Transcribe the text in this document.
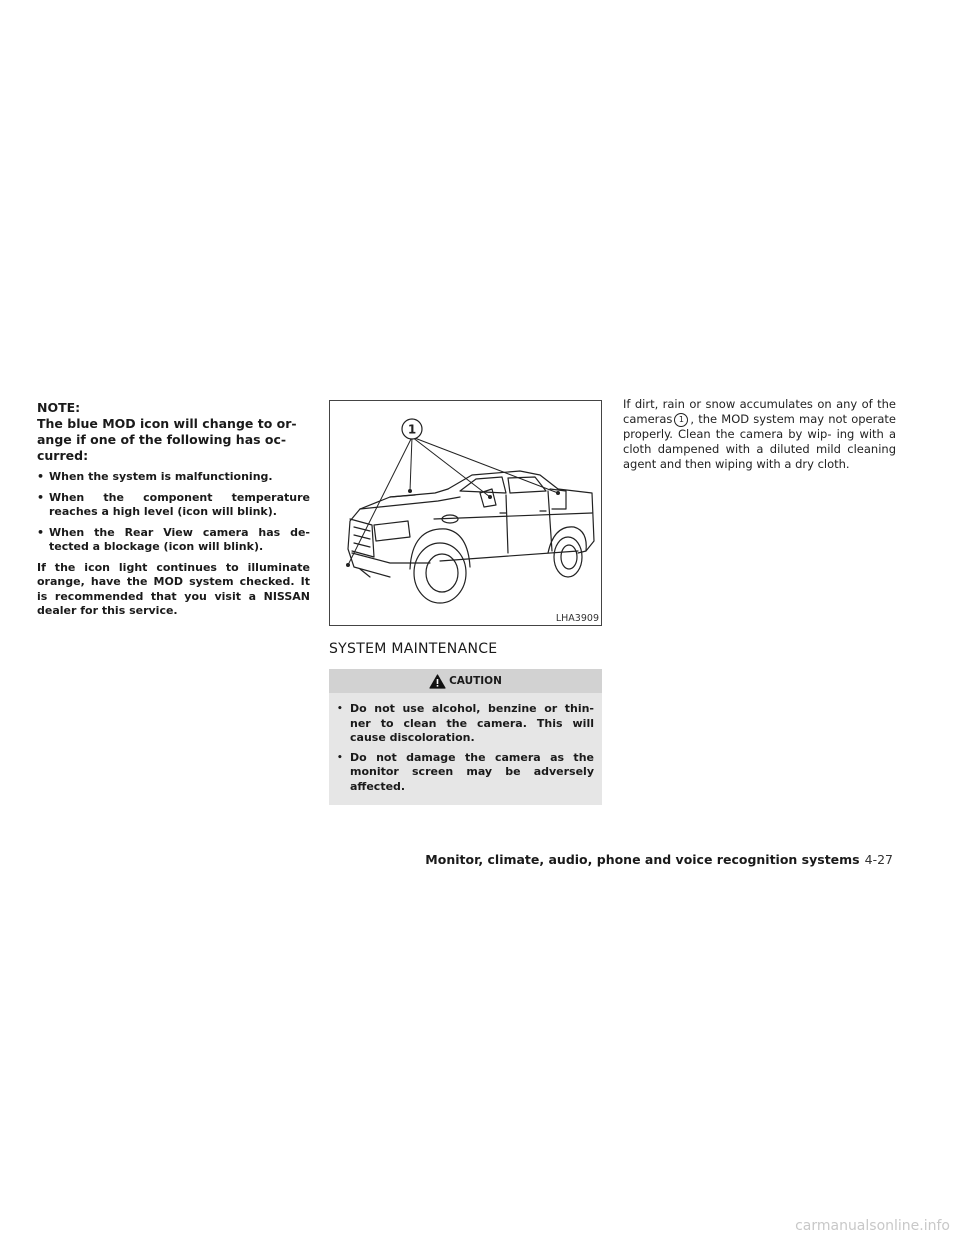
NOTE:
The blue MOD icon will change to or- ange if one of the following has oc- curred:
• When the system is malfunctioning.
• When the component temperature reaches a high level (icon will blink).
• When the Rear View camera has de- tected a blockage (icon will blink).

If the icon light continues to illuminate orange, have the MOD system checked. It is recommended that you visit a NISSAN dealer for this service.

1
LHA3909
SYSTEM MAINTENANCE
CAUTION
• Do not use alcohol, benzine or thin- ner to clean the camera. This will cause discoloration.
• Do not damage the camera as the monitor screen may be adversely affected.

If dirt, rain or snow accumulates on any of the cameras 1 , the MOD system may not operate properly. Clean the camera by wip- ing with a cloth dampened with a diluted mild cleaning agent and then wiping with a dry cloth.

Monitor, climate, audio, phone and voice recognition systems 4-27
carmanualsonline.info
